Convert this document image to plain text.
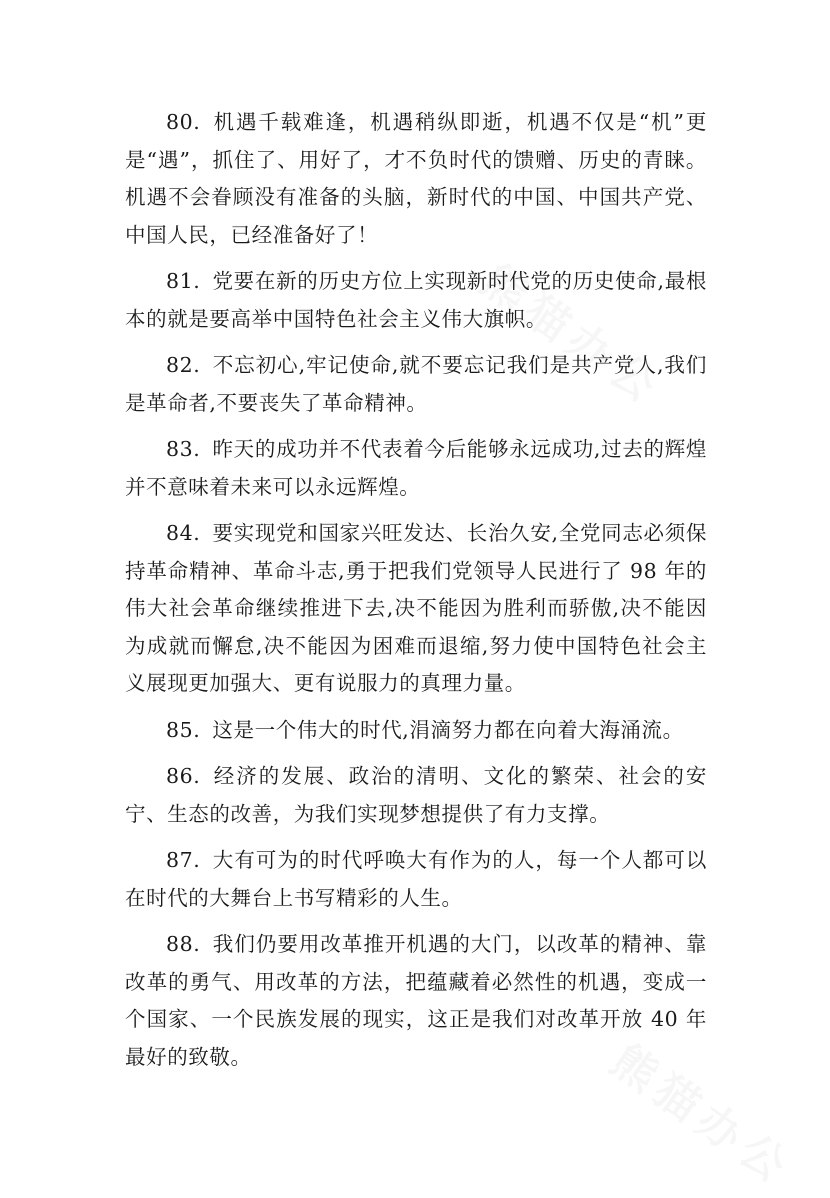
80. 机遇千载难逢，机遇稍纵即逝，机遇不仅是“机”更是“遇”，抓住了、用好了，才不负时代的馈赠、历史的青睐。机遇不会眷顾没有准备的头脑，新时代的中国、中国共产党、中国人民，已经准备好了！

81. 党要在新的历史方位上实现新时代党的历史使命,最根本的就是要高举中国特色社会主义伟大旗帜。

82. 不忘初心,牢记使命,就不要忘记我们是共产党人,我们是革命者,不要丧失了革命精神。

83. 昨天的成功并不代表着今后能够永远成功,过去的辉煌并不意味着未来可以永远辉煌。

84. 要实现党和国家兴旺发达、长治久安,全党同志必须保持革命精神、革命斗志,勇于把我们党领导人民进行了 98 年的伟大社会革命继续推进下去,决不能因为胜利而骄傲,决不能因为成就而懈怠,决不能因为困难而退缩,努力使中国特色社会主义展现更加强大、更有说服力的真理力量。

85. 这是一个伟大的时代,涓滴努力都在向着大海涌流。

86. 经济的发展、政治的清明、文化的繁荣、社会的安宁、生态的改善，为我们实现梦想提供了有力支撑。

87. 大有可为的时代呼唤大有作为的人，每一个人都可以在时代的大舞台上书写精彩的人生。

88. 我们仍要用改革推开机遇的大门，以改革的精神、靠改革的勇气、用改革的方法，把蕴藏着必然性的机遇，变成一个国家、一个民族发展的现实，这正是我们对改革开放 40 年最好的致敬。
